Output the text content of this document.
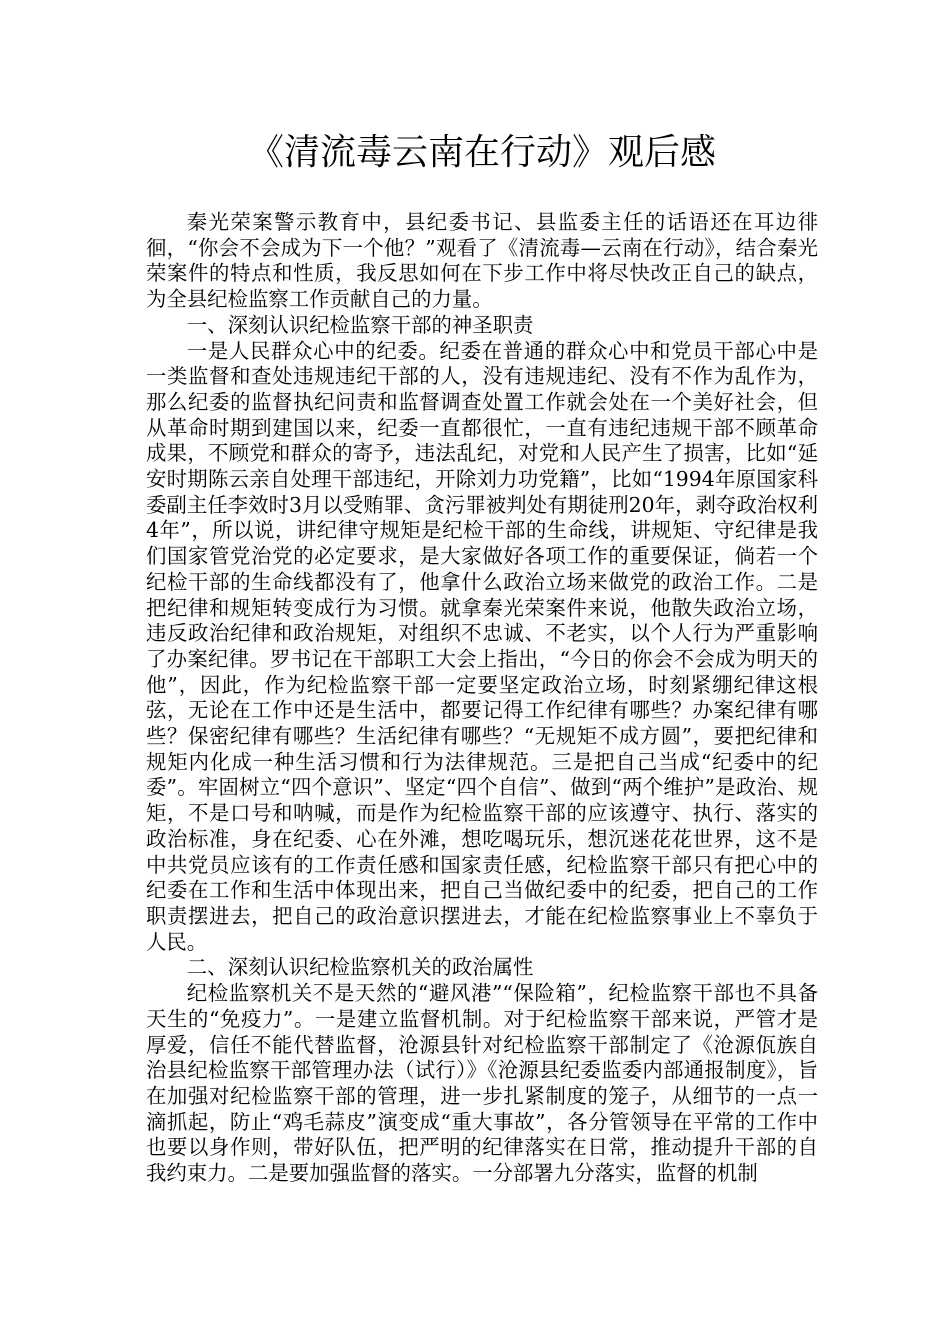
《清流毒云南在行动》观后感

秦光荣案警示教育中，县纪委书记、县监委主任的话语还在耳边徘徊，“你会不会成为下一个他？”观看了《清流毒—云南在行动》，结合秦光荣案件的特点和性质，我反思如何在下步工作中将尽快改正自己的缺点，为全县纪检监察工作贡献自己的力量。

一、深刻认识纪检监察干部的神圣职责

一是人民群众心中的纪委。纪委在普通的群众心中和党员干部心中是一类监督和查处违规违纪干部的人，没有违规违纪、没有不作为乱作为，那么纪委的监督执纪问责和监督调查处置工作就会处在一个美好社会，但从革命时期到建国以来，纪委一直都很忙，一直有违纪违规干部不顾革命成果，不顾党和群众的寄予，违法乱纪，对党和人民产生了损害，比如“延安时期陈云亲自处理干部违纪，开除刘力功党籍”，比如“1994年原国家科委副主任李效时3月以受贿罪、贪污罪被判处有期徒刑20年，剥夺政治权利4年”，所以说，讲纪律守规矩是纪检干部的生命线，讲规矩、守纪律是我们国家管党治党的必定要求，是大家做好各项工作的重要保证，倘若一个纪检干部的生命线都没有了，他拿什么政治立场来做党的政治工作。二是把纪律和规矩转变成行为习惯。就拿秦光荣案件来说，他散失政治立场，违反政治纪律和政治规矩，对组织不忠诚、不老实，以个人行为严重影响了办案纪律。罗书记在干部职工大会上指出，“今日的你会不会成为明天的他”，因此，作为纪检监察干部一定要坚定政治立场，时刻紧绷纪律这根弦，无论在工作中还是生活中，都要记得工作纪律有哪些？办案纪律有哪些？保密纪律有哪些？生活纪律有哪些？“无规矩不成方圆”，要把纪律和规矩内化成一种生活习惯和行为法律规范。三是把自己当成“纪委中的纪委”。牢固树立“四个意识”、坚定“四个自信”、做到“两个维护”是政治、规矩，不是口号和呐喊，而是作为纪检监察干部的应该遵守、执行、落实的政治标准，身在纪委、心在外滩，想吃喝玩乐，想沉迷花花世界，这不是中共党员应该有的工作责任感和国家责任感，纪检监察干部只有把心中的纪委在工作和生活中体现出来，把自己当做纪委中的纪委，把自己的工作职责摆进去，把自己的政治意识摆进去，才能在纪检监察事业上不辜负于人民。

二、深刻认识纪检监察机关的政治属性

纪检监察机关不是天然的“避风港”“保险箱”，纪检监察干部也不具备天生的“免疫力”。一是建立监督机制。对于纪检监察干部来说，严管才是厚爱，信任不能代替监督，沧源县针对纪检监察干部制定了《沧源佤族自治县纪检监察干部管理办法（试行）》《沧源县纪委监委内部通报制度》，旨在加强对纪检监察干部的管理，进一步扎紧制度的笼子，从细节的一点一滴抓起，防止“鸡毛蒜皮”演变成“重大事故”，各分管领导在平常的工作中也要以身作则，带好队伍，把严明的纪律落实在日常，推动提升干部的自我约束力。二是要加强监督的落实。一分部署九分落实，监督的机制
